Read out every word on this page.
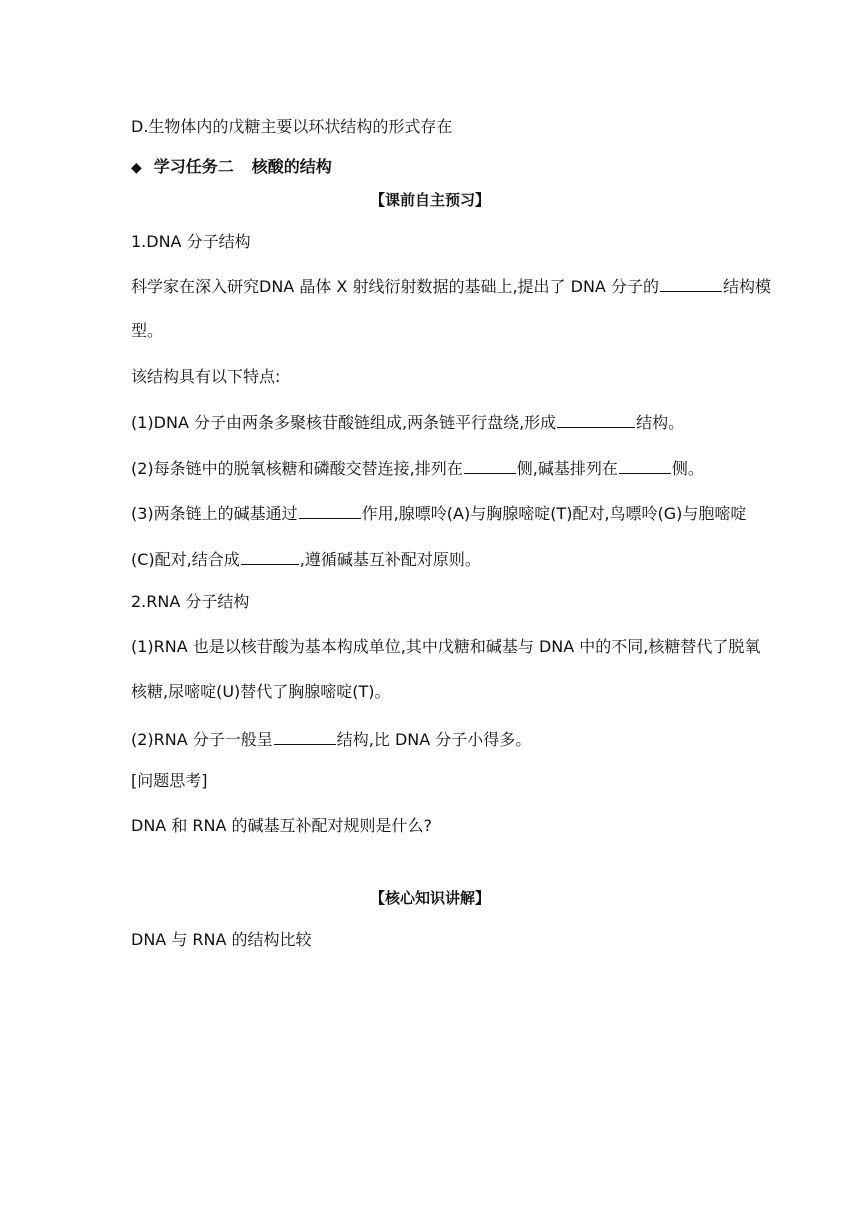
D.生物体内的戊糖主要以环状结构的形式存在
◆ 学习任务二 核酸的结构
【课前自主预习】
1.DNA 分子结构
科学家在深入研究DNA 晶体 X 射线衍射数据的基础上,提出了 DNA 分子的	结构模
型。
该结构具有以下特点:
(1)DNA 分子由两条多聚核苷酸链组成,两条链平行盘绕,形成	结构。
(2)每条链中的脱氧核糖和磷酸交替连接,排列在	侧,碱基排列在	侧。
(3)两条链上的碱基通过	作用,腺嘌呤(A)与胸腺嘧啶(T)配对,鸟嘌呤(G)与胞嘧啶
(C)配对,结合成	,遵循碱基互补配对原则。
2.RNA 分子结构
(1)RNA 也是以核苷酸为基本构成单位,其中戊糖和碱基与 DNA 中的不同,核糖替代了脱氧
核糖,尿嘧啶(U)替代了胸腺嘧啶(T)。
(2)RNA 分子一般呈	结构,比 DNA 分子小得多。
[问题思考]
DNA 和 RNA 的碱基互补配对规则是什么?
【核心知识讲解】
DNA 与 RNA 的结构比较
